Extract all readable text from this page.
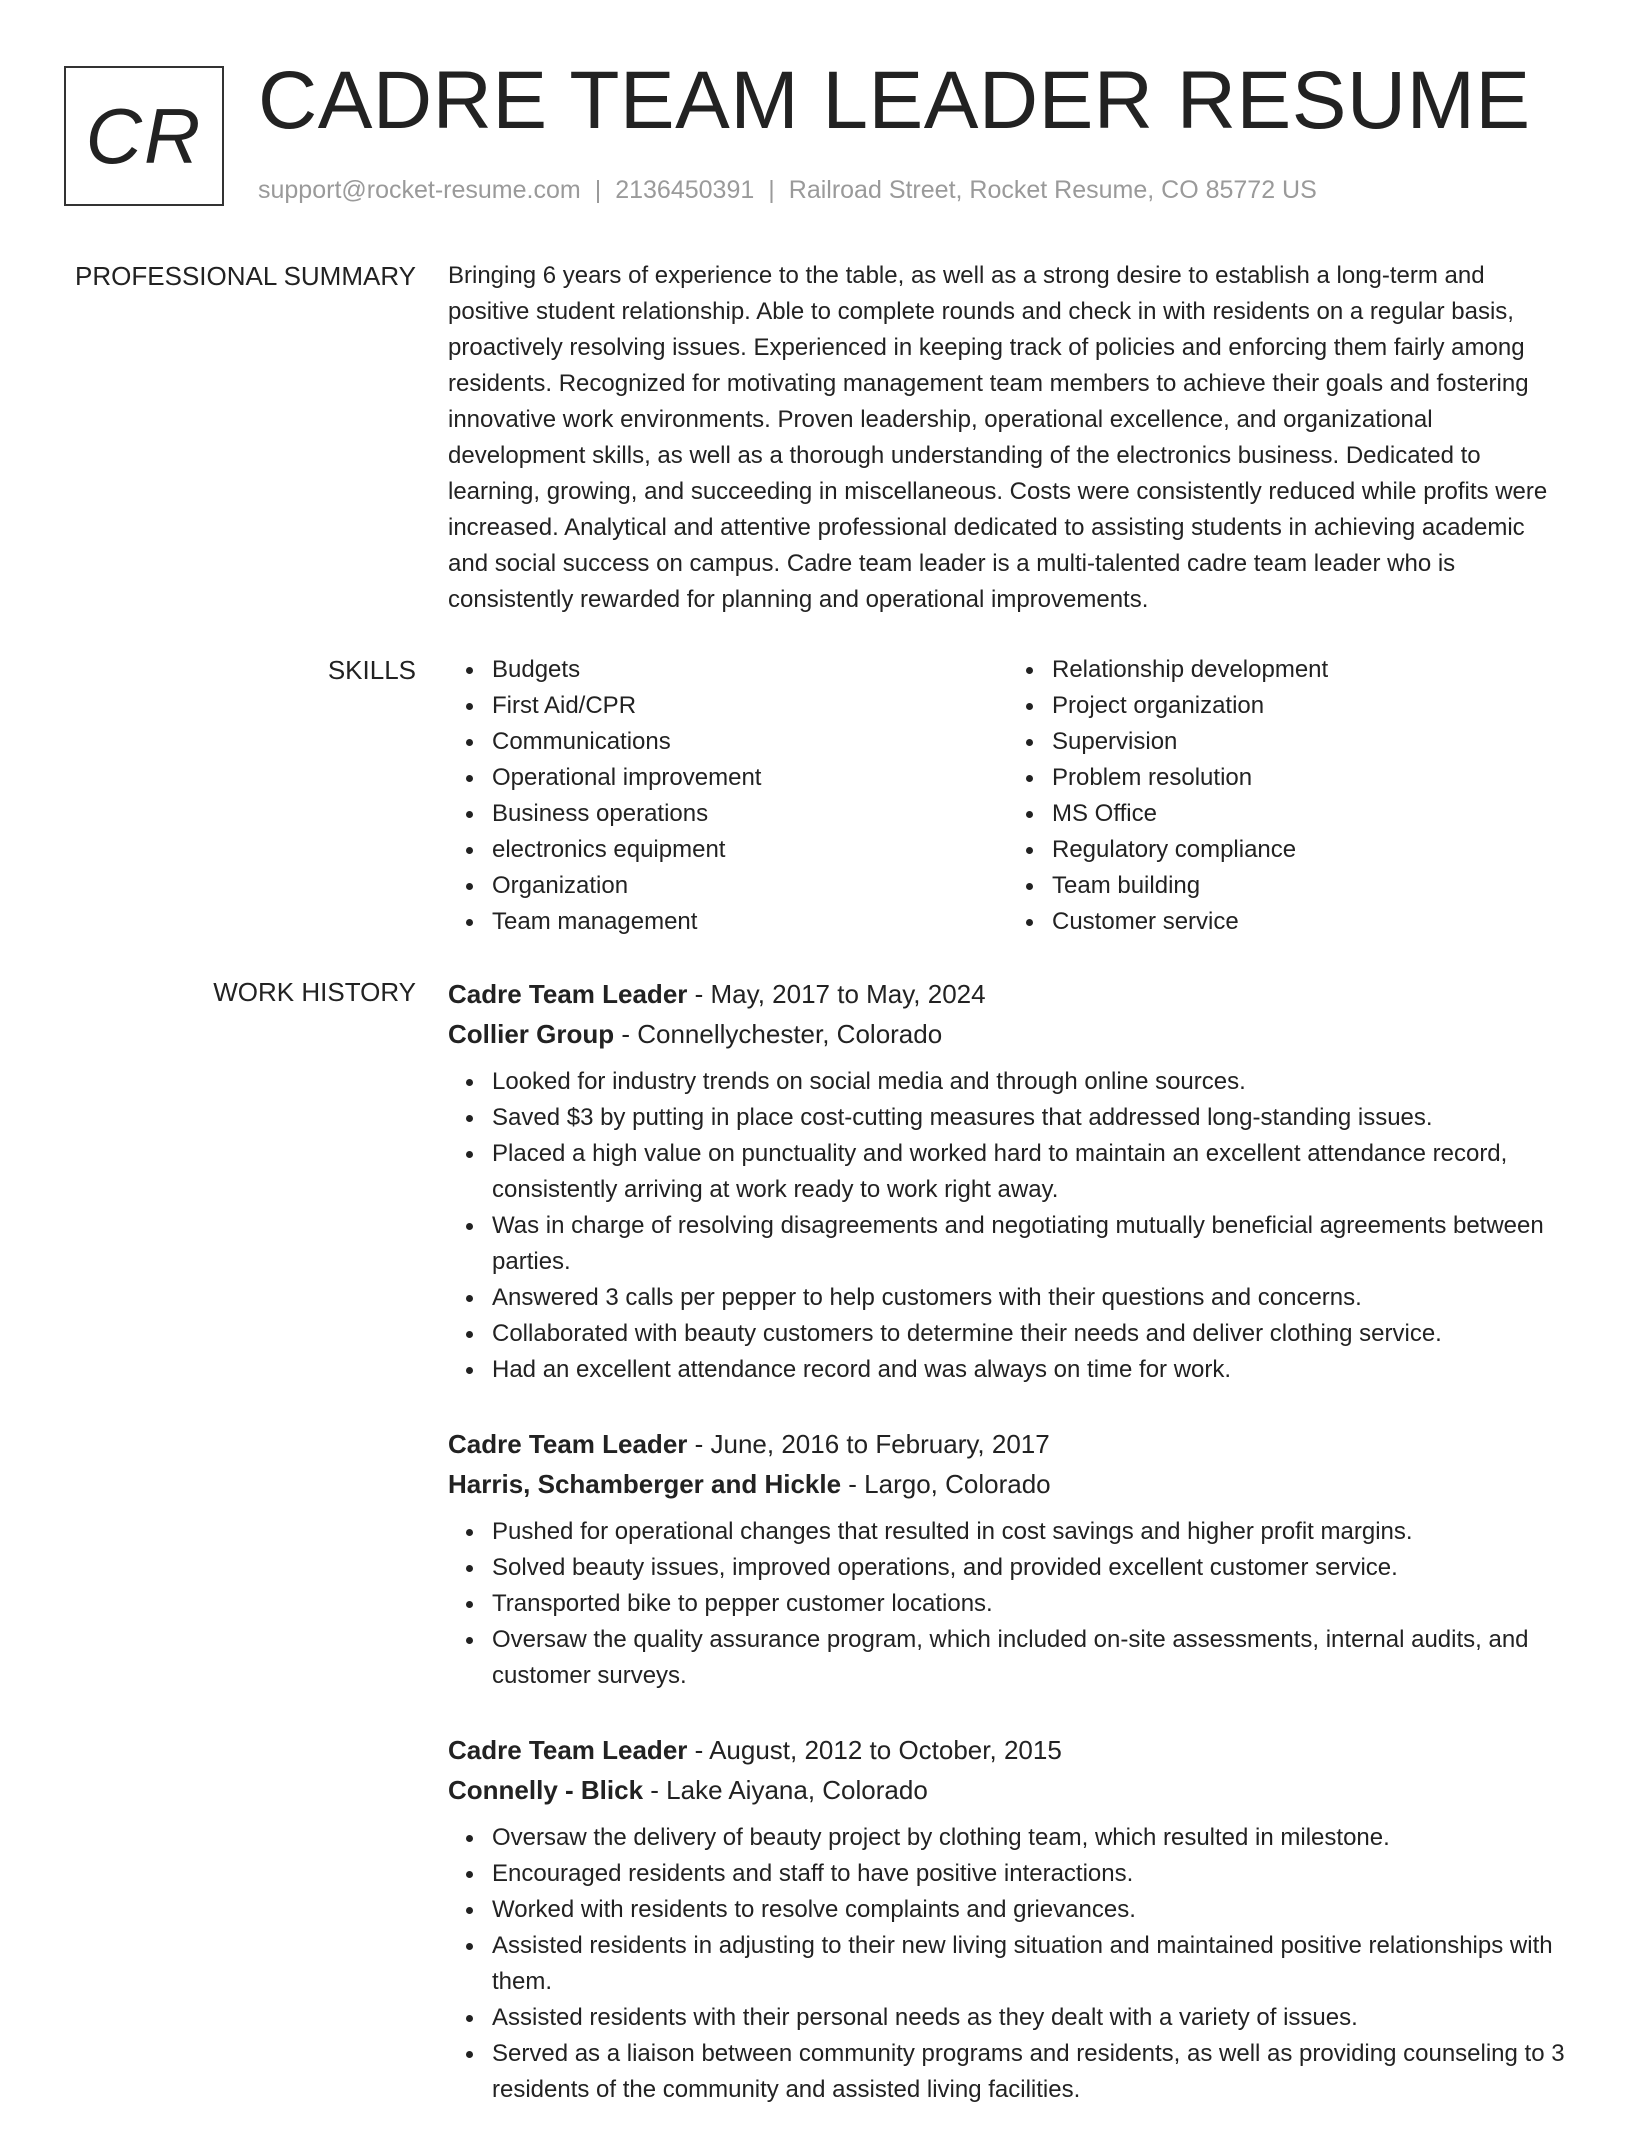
CR CADRE TEAM LEADER RESUME
support@rocket-resume.com | 2136450391 | Railroad Street, Rocket Resume, CO 85772 US
PROFESSIONAL SUMMARY Bringing 6 years of experience to the table, as well as a strong desire to establish a long-term and positive student relationship. Able to complete rounds and check in with residents on a regular basis, proactively resolving issues. Experienced in keeping track of policies and enforcing them fairly among residents. Recognized for motivating management team members to achieve their goals and fostering innovative work environments. Proven leadership, operational excellence, and organizational development skills, as well as a thorough understanding of the electronics business. Dedicated to learning, growing, and succeeding in miscellaneous. Costs were consistently reduced while profits were increased. Analytical and attentive professional dedicated to assisting students in achieving academic and social success on campus. Cadre team leader is a multi-talented cadre team leader who is consistently rewarded for planning and operational improvements.

SKILLS	Budgets
First Aid/CPR
Communications
Operational improvement
Business operations
electronics equipment
Organization
Team management
Relationship development
Project organization
Supervision
Problem resolution
MS Office
Regulatory compliance
Team building
Customer service
WORK HISTORY Cadre Team Leader - May, 2017 to May, 2024
Collier Group - Connellychester, Colorado
Looked for industry trends on social media and through online sources.
Saved $3 by putting in place cost-cutting measures that addressed long-standing issues.
Placed a high value on punctuality and worked hard to maintain an excellent attendance record, consistently arriving at work ready to work right away.
Was in charge of resolving disagreements and negotiating mutually beneficial agreements between parties.
Answered 3 calls per pepper to help customers with their questions and concerns.
Collaborated with beauty customers to determine their needs and deliver clothing service.
Had an excellent attendance record and was always on time for work.
Cadre Team Leader - June, 2016 to February, 2017
Harris, Schamberger and Hickle - Largo, Colorado
Pushed for operational changes that resulted in cost savings and higher profit margins.
Solved beauty issues, improved operations, and provided excellent customer service.
Transported bike to pepper customer locations.
Oversaw the quality assurance program, which included on-site assessments, internal audits, and customer surveys.
Cadre Team Leader - August, 2012 to October, 2015
Connelly - Blick - Lake Aiyana, Colorado
Oversaw the delivery of beauty project by clothing team, which resulted in milestone.
Encouraged residents and staff to have positive interactions.
Worked with residents to resolve complaints and grievances.
Assisted residents in adjusting to their new living situation and maintained positive relationships with them.
Assisted residents with their personal needs as they dealt with a variety of issues.
Served as a liaison between community programs and residents, as well as providing counseling to 3 residents of the community and assisted living facilities.
